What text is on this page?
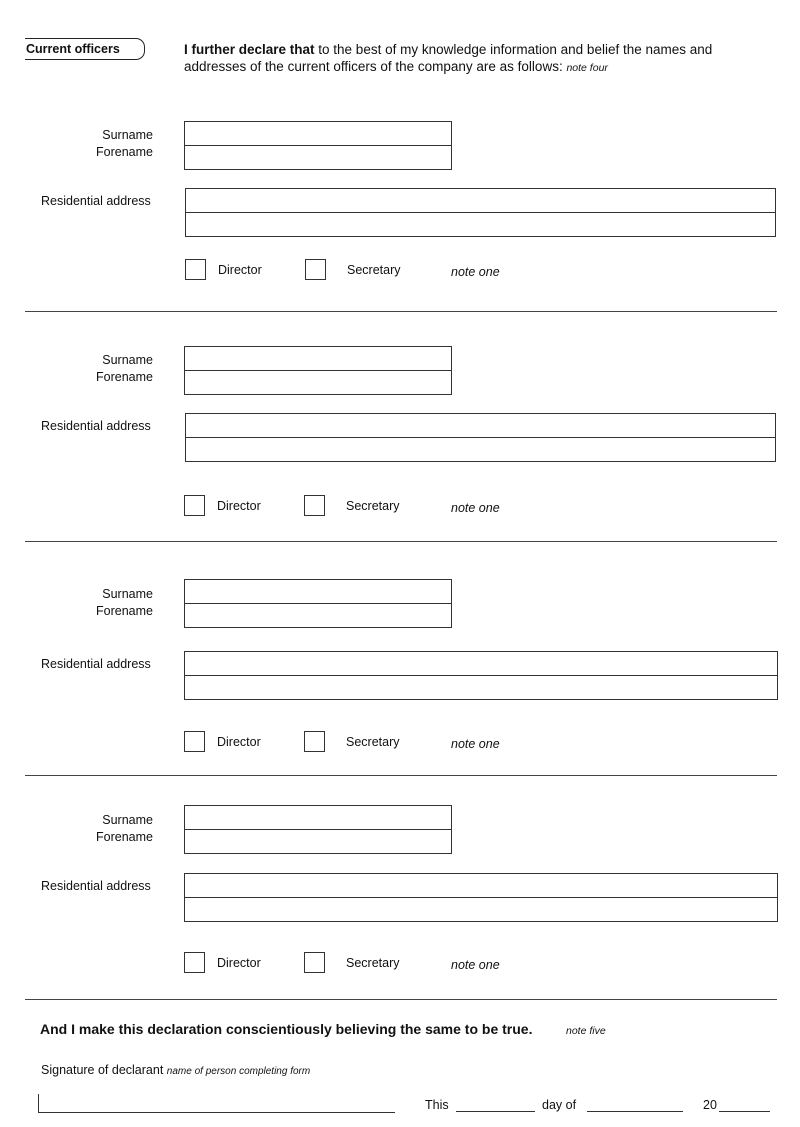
Current officers	I further declare that to the best of my knowledge information and belief the names and addresses of the current officers of the company are as follows: note four
Surname
Forename
Residential address
Director	Secretary	note one
Surname
Forename
Residential address
Director	Secretary	note one
Surname
Forename
Residential address
Director	Secretary	note one
Surname
Forename
Residential address
Director	Secretary	note one
And I make this declaration conscientiously believing the same to be true.	note five
Signature of declarant name of person completing form
This	day of	20
